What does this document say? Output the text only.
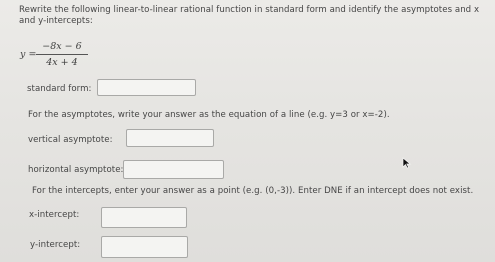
Rewrite the following linear-to-linear rational function in standard form and identify the asymptotes and x
and y-intercepts:
y =
−8x − 6
4x + 4
standard form:
For the asymptotes, write your answer as the equation of a line (e.g. y=3 or x=-2).
vertical asymptote:
horizontal asymptote:
For the intercepts, enter your answer as a point (e.g. (0,-3)). Enter DNE if an intercept does not exist.
x-intercept:
y-intercept:
